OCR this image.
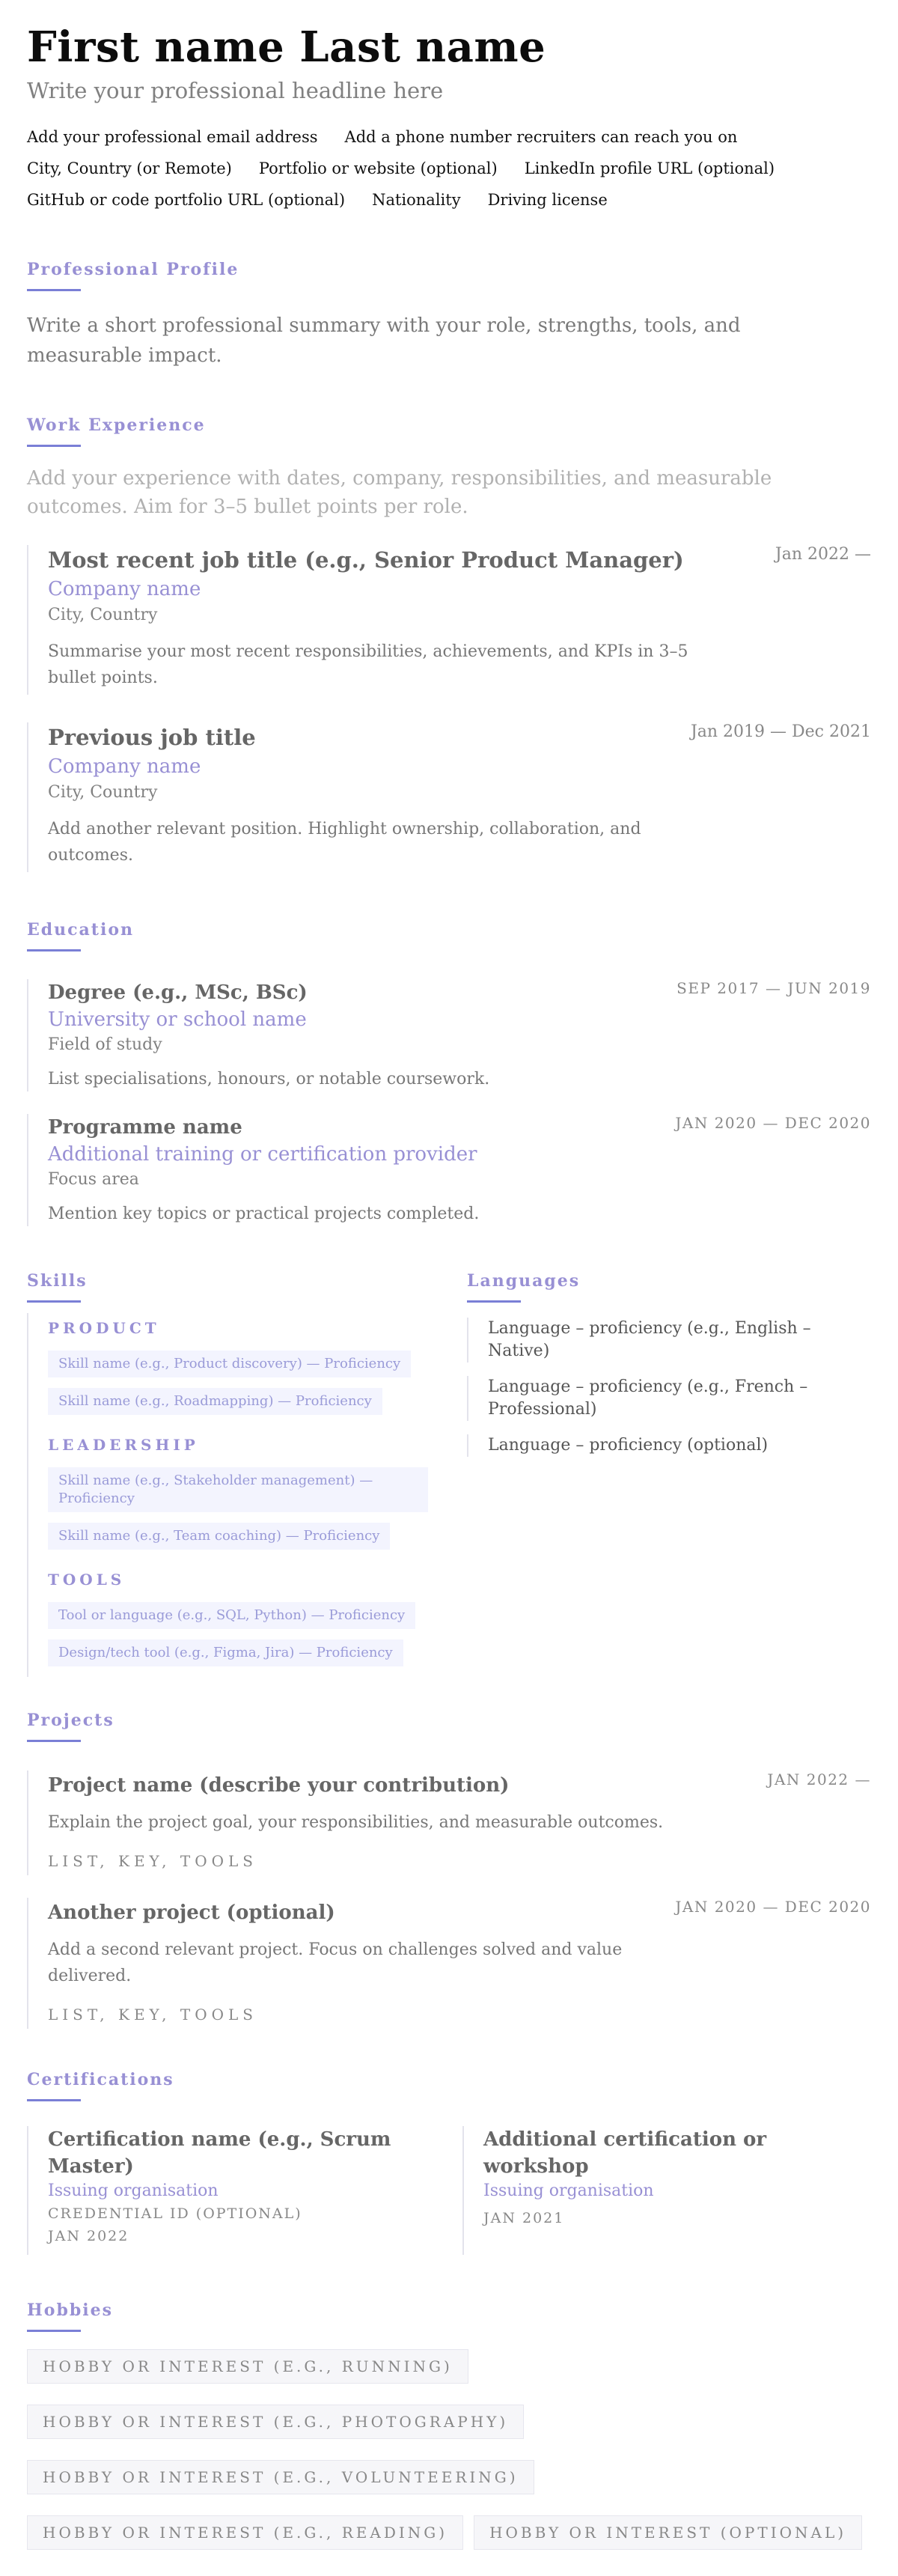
First name Last name
Write your professional headline here
Add your professional email address Add a phone number recruiters can reach you on
City, Country (or Remote) Portfolio or website (optional) LinkedIn profile URL (optional)
GitHub or code portfolio URL (optional) Nationality Driving license
Professional Profile
Write a short professional summary with your role, strengths, tools, and measurable impact.
Work Experience
Add your experience with dates, company, responsibilities, and measurable outcomes. Aim for 3–5 bullet points per role.
Jan 2022 —
Most recent job title (e.g., Senior Product Manager)
Company name
City, Country
Summarise your most recent responsibilities, achievements, and KPIs in 3–5 bullet points.
Jan 2019 — Dec 2021
Previous job title
Company name
City, Country
Add another relevant position. Highlight ownership, collaboration, and outcomes.
Education
SEP 2017 — JUN 2019
Degree (e.g., MSc, BSc)
University or school name
Field of study
List specialisations, honours, or notable coursework.
JAN 2020 — DEC 2020
Programme name
Additional training or certification provider
Focus area
Mention key topics or practical projects completed.
Skills	Languages
PRODUCT
Skill name (e.g., Product discovery) — Proficiency
Skill name (e.g., Roadmapping) — Proficiency
LEADERSHIP
Skill name (e.g., Stakeholder management) — Proficiency
Skill name (e.g., Team coaching) — Proficiency
TOOLS
Tool or language (e.g., SQL, Python) — Proficiency
Design/tech tool (e.g., Figma, Jira) — Proficiency
Language – proficiency (e.g., English – Native)
Language – proficiency (e.g., French – Professional)
Language – proficiency (optional)
Projects
JAN 2022 —
Project name (describe your contribution)
Explain the project goal, your responsibilities, and measurable outcomes.
LIST, KEY, TOOLS
JAN 2020 — DEC 2020
Another project (optional)
Add a second relevant project. Focus on challenges solved and value delivered.
LIST, KEY, TOOLS
Certifications
Certification name (e.g., Scrum Master)
Issuing organisation
CREDENTIAL ID (OPTIONAL)
JAN 2022
Additional certification or workshop
Issuing organisation
JAN 2021
Hobbies
HOBBY OR INTEREST (E.G., RUNNING)
HOBBY OR INTEREST (E.G., PHOTOGRAPHY)
HOBBY OR INTEREST (E.G., VOLUNTEERING)
HOBBY OR INTEREST (E.G., READING)	HOBBY OR INTEREST (OPTIONAL)
